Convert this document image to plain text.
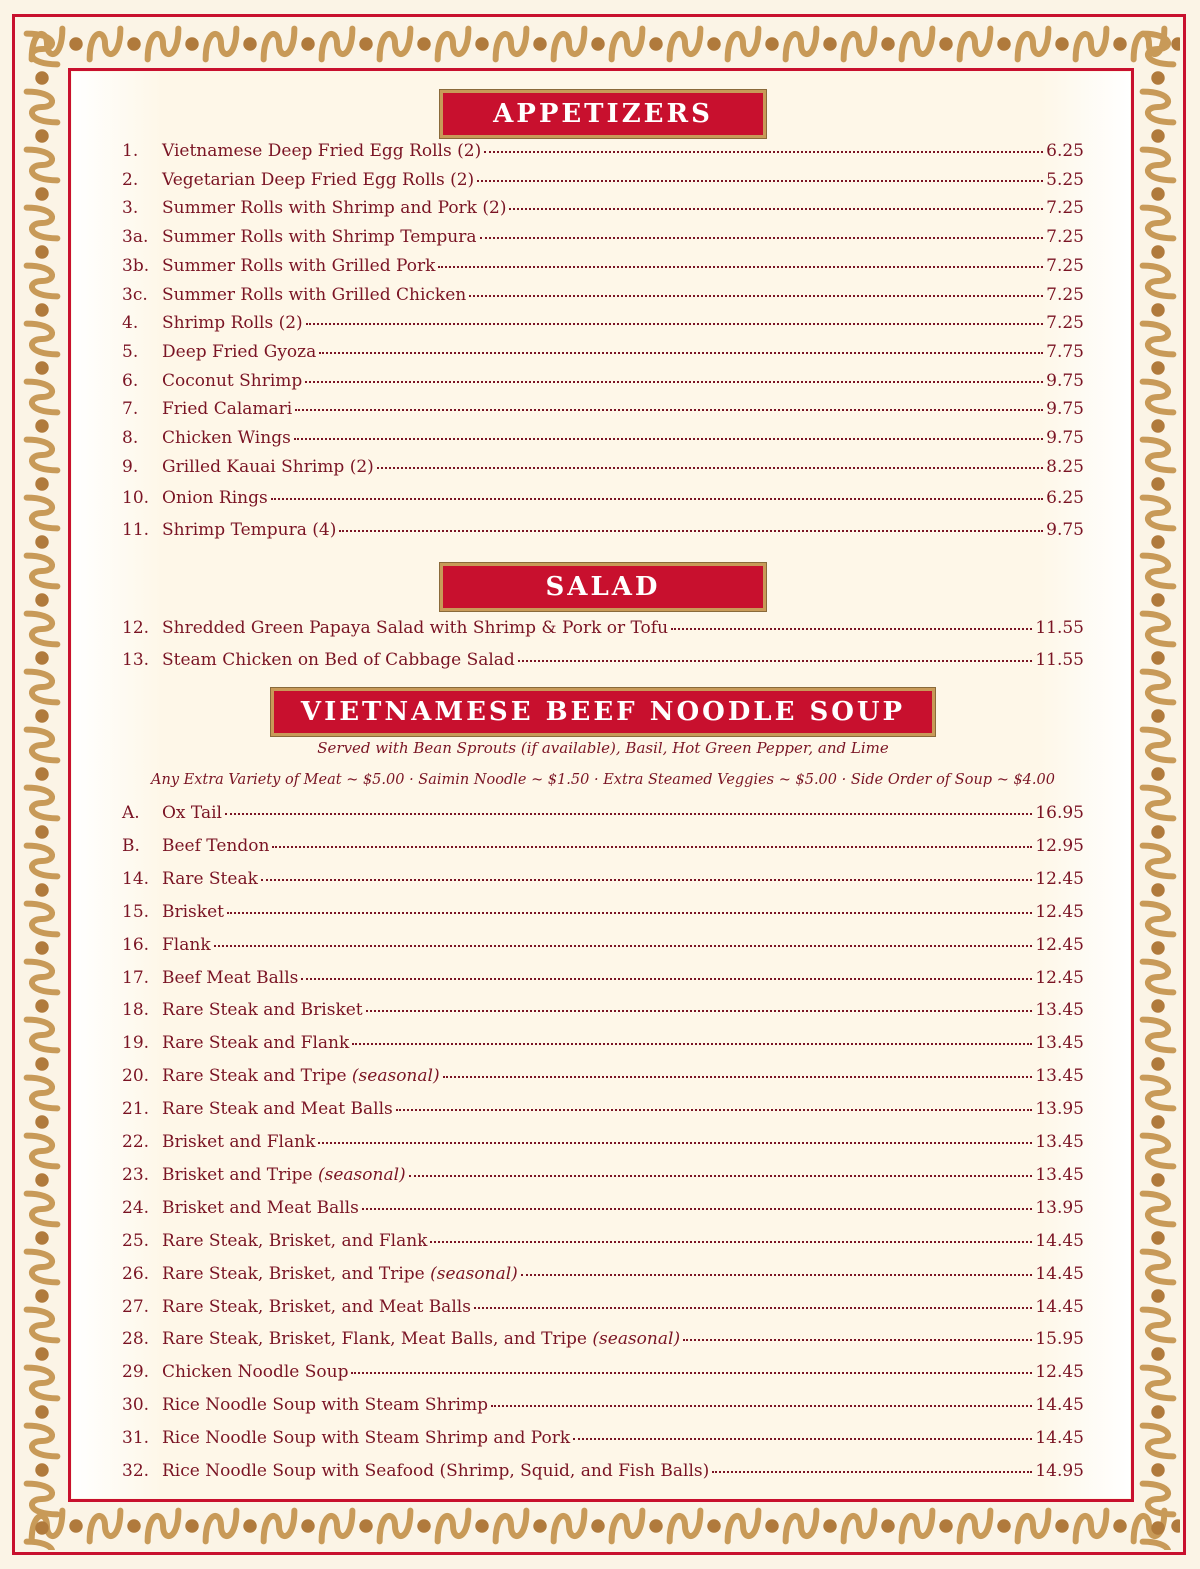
APPETIZERS
SALAD
VIETNAMESE BEEF NOODLE SOUP
Served with Bean Sprouts (if available), Basil, Hot Green Pepper, and Lime
Any Extra Variety of Meat ~ $5.00 · Saimin Noodle ~ $1.50 · Extra Steamed Veggies ~ $5.00 · Side Order of Soup ~ $4.00
1.	Vietnamese Deep Fried Egg Rolls (2)	6.25
2.	Vegetarian Deep Fried Egg Rolls (2)	5.25
3.	Summer Rolls with Shrimp and Pork (2)	7.25
3a. Summer Rolls with Shrimp Tempura	7.25
3b. Summer Rolls with Grilled Pork	7.25
3c. Summer Rolls with Grilled Chicken	7.25
4.	Shrimp Rolls (2)	7.25
5.	Deep Fried Gyoza	7.75
6.	Coconut Shrimp	9.75
7.	Fried Calamari	9.75
8.	Chicken Wings	9.75
9.	Grilled Kauai Shrimp (2)	8.25
10. Onion Rings	6.25
11. Shrimp Tempura (4)	9.75
12. Shredded Green Papaya Salad with Shrimp & Pork or Tofu	11.55
13. Steam Chicken on Bed of Cabbage Salad	11.55
A.	Ox Tail	16.95
B.	Beef Tendon	12.95
14. Rare Steak	12.45
15. Brisket	12.45
16. Flank	12.45
17. Beef Meat Balls	12.45
18. Rare Steak and Brisket	13.45
19. Rare Steak and Flank	13.45
20. Rare Steak and Tripe (seasonal)	13.45
21. Rare Steak and Meat Balls	13.95
22. Brisket and Flank	13.45
23. Brisket and Tripe (seasonal)	13.45
24. Brisket and Meat Balls	13.95
25. Rare Steak, Brisket, and Flank	14.45
26. Rare Steak, Brisket, and Tripe (seasonal)	14.45
27. Rare Steak, Brisket, and Meat Balls	14.45
28. Rare Steak, Brisket, Flank, Meat Balls, and Tripe (seasonal)	15.95
29. Chicken Noodle Soup	12.45
30. Rice Noodle Soup with Steam Shrimp	14.45
31. Rice Noodle Soup with Steam Shrimp and Pork	14.45
32. Rice Noodle Soup with Seafood (Shrimp, Squid, and Fish Balls)	14.95
